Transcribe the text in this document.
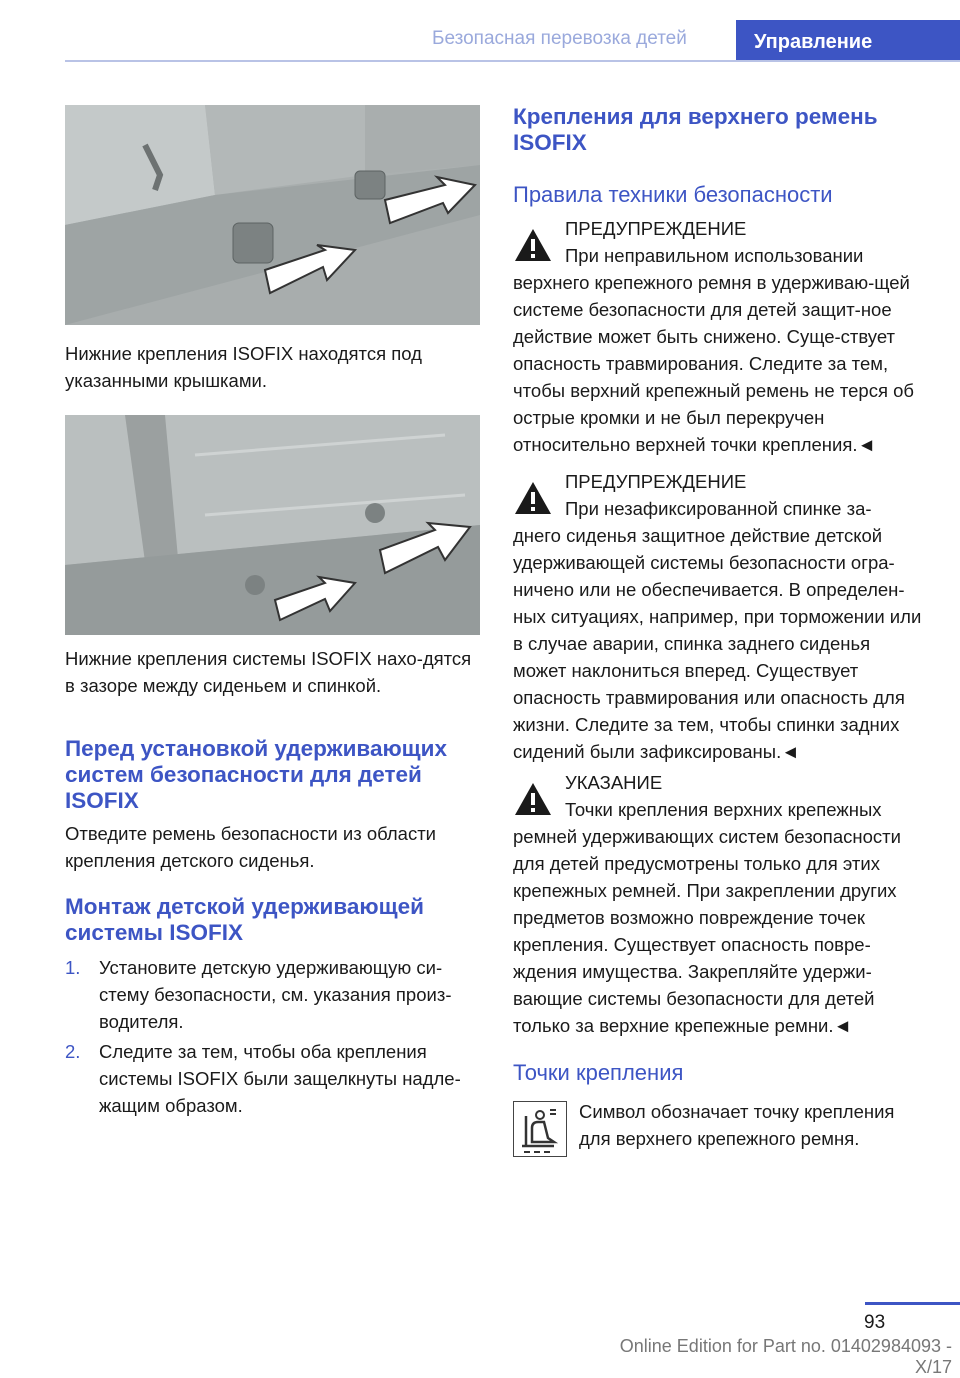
Безопасная перевозка детей	Управление
Нижние крепления ISOFIX находятся под указанными крышками.
Нижние крепления системы ISOFIX нахо-дятся в зазоре между сиденьем и спинкой.
Перед установкой удерживающих систем безопасности для детей ISOFIX

Отведите ремень безопасности из области крепления детского сиденья.

Монтаж детской удерживающей системы ISOFIX
1. Установите детскую удерживающую си-стему безопасности, см. указания произ-водителя.
2. Следите за тем, чтобы оба крепления системы ISOFIX были защелкнуты надле-жащим образом.
Крепления для верхнего ремень ISOFIX
Правила техники безопасности
ПРЕДУПРЕЖДЕНИЕ

При неправильном использовании

верхнего крепежного ремня в удерживаю-щей системе безопасности для детей защит-ное действие может быть снижено. Суще-ствует опасность травмирования. Следите за тем, чтобы верхний крепежный ремень не терся об острые кромки и не был перекручен относительно верхней точки крепления.◄

ПРЕДУПРЕЖДЕНИЕ

При незафиксированной спинке за-

днего сиденья защитное действие детской удерживающей системы безопасности огра-ничено или не обеспечивается. В определен-ных ситуациях, например, при торможении или в случае аварии, спинка заднего сиденья может наклониться вперед. Существует опасность травмирования или опасность для жизни. Следите за тем, чтобы спинки задних сидений были зафиксированы.◄

УКАЗАНИЕ

Точки крепления верхних крепежных

ремней удерживающих систем безопасности для детей предусмотрены только для этих крепежных ремней. При закреплении других предметов возможно повреждение точек крепления. Существует опасность повре-ждения имущества. Закрепляйте удержи-вающие системы безопасности для детей только за верхние крепежные ремни.◄

Точки крепления

Символ обозначает точку крепления для верхнего крепежного ремня.

93
Online Edition for Part no. 01402984093 - X/17
